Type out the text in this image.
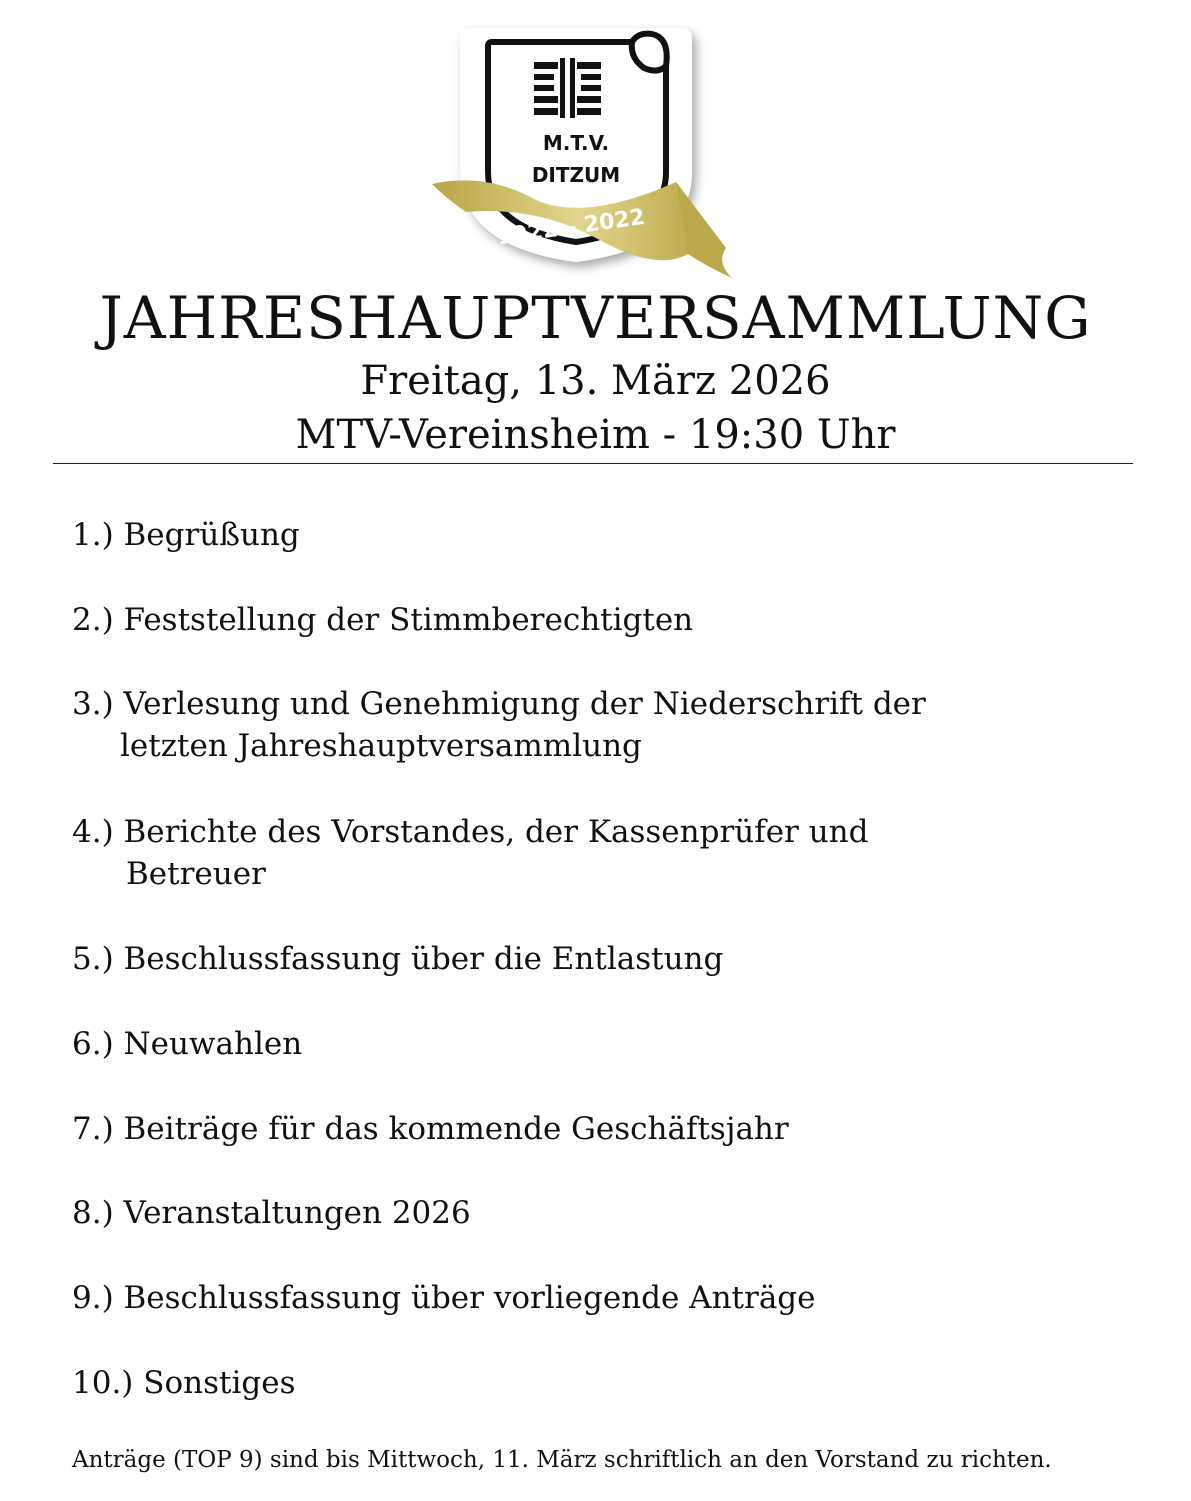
M.T.V.
DITZUM
1922 – 2022
JAHRESHAUPTVERSAMMLUNG
Freitag, 13. März 2026
MTV-Vereinsheim - 19:30 Uhr
1.) Begrüßung
2.) Feststellung der Stimmberechtigten
3.) Verlesung und Genehmigung der Niederschrift der
letzten Jahreshauptversammlung
4.) Berichte des Vorstandes, der Kassenprüfer und
Betreuer
5.) Beschlussfassung über die Entlastung
6.) Neuwahlen
7.) Beiträge für das kommende Geschäftsjahr
8.) Veranstaltungen 2026
9.) Beschlussfassung über vorliegende Anträge
10.) Sonstiges
Anträge (TOP 9) sind bis Mittwoch, 11. März schriftlich an den Vorstand zu richten.
